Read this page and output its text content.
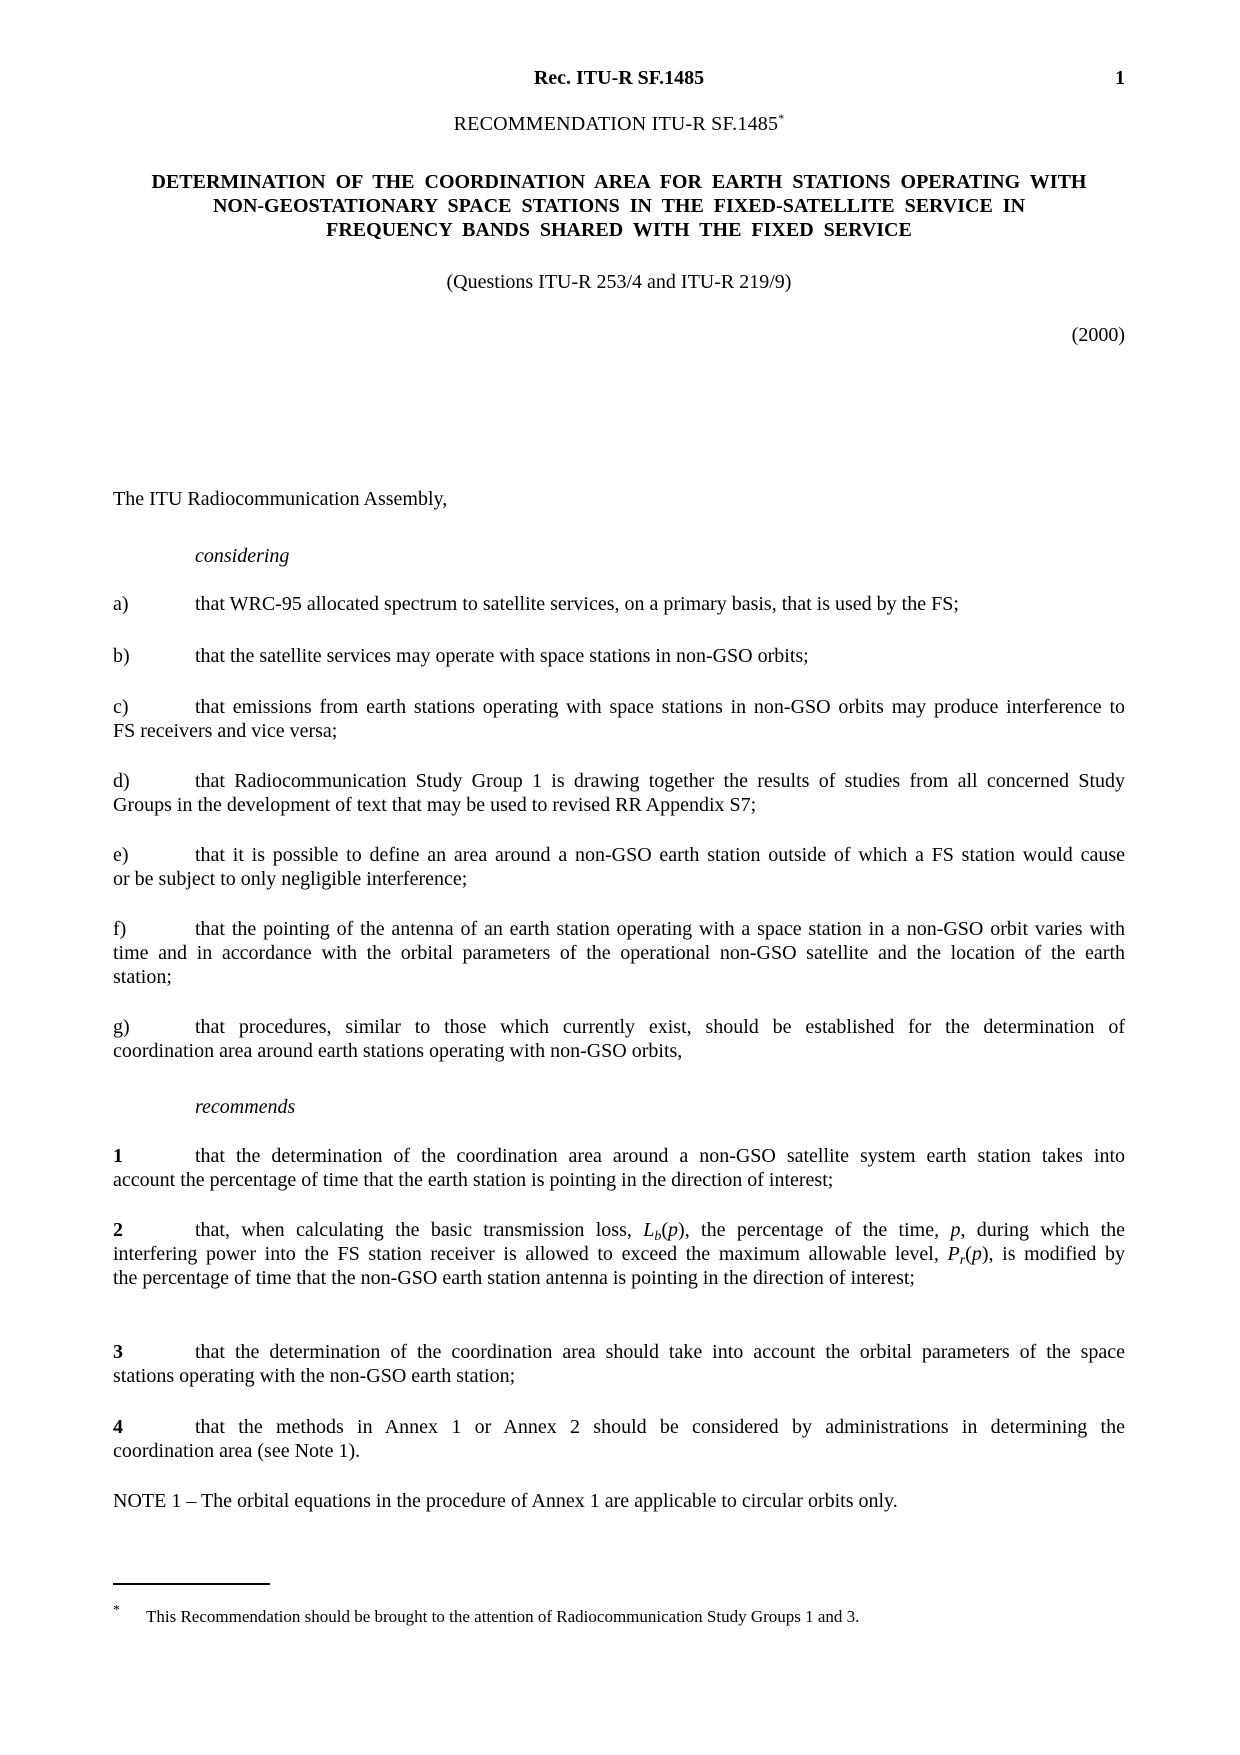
Rec. ITU-R SF.1485	1
RECOMMENDATION ITU-R SF.1485*
DETERMINATION OF THE COORDINATION AREA FOR EARTH STATIONS OPERATING WITH
NON-GEOSTATIONARY SPACE STATIONS IN THE FIXED-SATELLITE SERVICE IN
FREQUENCY BANDS SHARED WITH THE FIXED SERVICE
(Questions ITU-R 253/4 and ITU-R 219/9)
(2000)
The ITU Radiocommunication Assembly,
considering
a)	that WRC-95 allocated spectrum to satellite services, on a primary basis, that is used by the FS;
b)	that the satellite services may operate with space stations in non-GSO orbits;
c)	that emissions from earth stations operating with space stations in non-GSO orbits may produce interference to
FS receivers and vice versa;
d)	that Radiocommunication Study Group 1 is drawing together the results of studies from all concerned Study
Groups in the development of text that may be used to revised RR Appendix S7;
e)	that it is possible to define an area around a non-GSO earth station outside of which a FS station would cause
or be subject to only negligible interference;
f)	that the pointing of the antenna of an earth station operating with a space station in a non-GSO orbit varies with
time and in accordance with the orbital parameters of the operational non-GSO satellite and the location of the earth
station;
g)	that procedures, similar to those which currently exist, should be established for the determination of
coordination area around earth stations operating with non-GSO orbits,
recommends
1	that the determination of the coordination area around a non-GSO satellite system earth station takes into
account the percentage of time that the earth station is pointing in the direction of interest;
2	that, when calculating the basic transmission loss, $L_b(p)$, the percentage of the time, p, during which the
interfering power into the FS station receiver is allowed to exceed the maximum allowable level, $P_r(p)$, is modified by
the percentage of time that the non-GSO earth station antenna is pointing in the direction of interest;
3	that the determination of the coordination area should take into account the orbital parameters of the space
stations operating with the non-GSO earth station;
4	that the methods in Annex 1 or Annex 2 should be considered by administrations in determining the
coordination area (see Note 1).
NOTE 1 – The orbital equations in the procedure of Annex 1 are applicable to circular orbits only.
* This Recommendation should be brought to the attention of Radiocommunication Study Groups 1 and 3.
